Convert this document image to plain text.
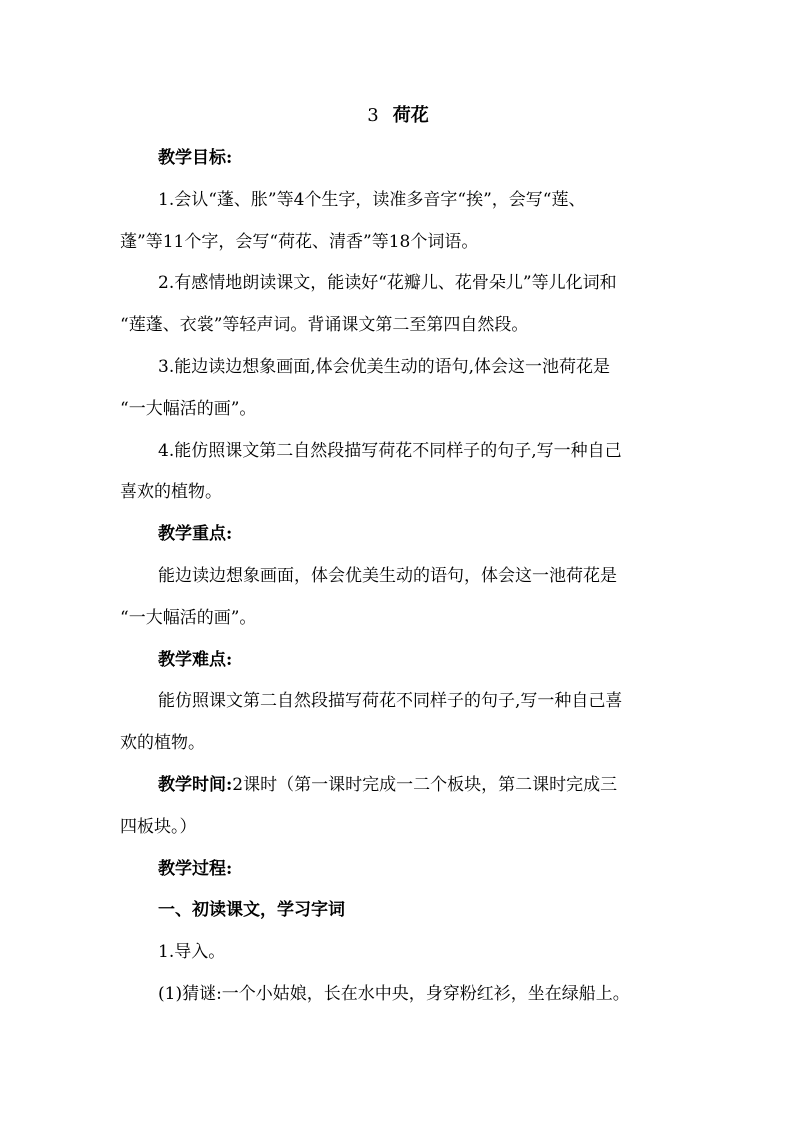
3 荷花

教学目标:

1.会认“蓬、胀”等4个生字，读准多音字“挨”，会写“莲、

蓬”等11个字，会写“荷花、清香”等18个词语。

2.有感情地朗读课文，能读好“花瓣儿、花骨朵儿”等儿化词和

“莲蓬、衣裳”等轻声词。背诵课文第二至第四自然段。

3.能边读边想象画面,体会优美生动的语句,体会这一池荷花是

“一大幅活的画”。

4.能仿照课文第二自然段描写荷花不同样子的句子,写一种自己

喜欢的植物。

教学重点:

能边读边想象画面，体会优美生动的语句，体会这一池荷花是

“一大幅活的画”。

教学难点:

能仿照课文第二自然段描写荷花不同样子的句子,写一种自己喜

欢的植物。

教学时间:2课时（第一课时完成一二个板块，第二课时完成三

四板块。）

教学过程:

一、初读课文，学习字词

1.导入。

(1)猜谜:一个小姑娘，长在水中央，身穿粉红衫，坐在绿船上。
